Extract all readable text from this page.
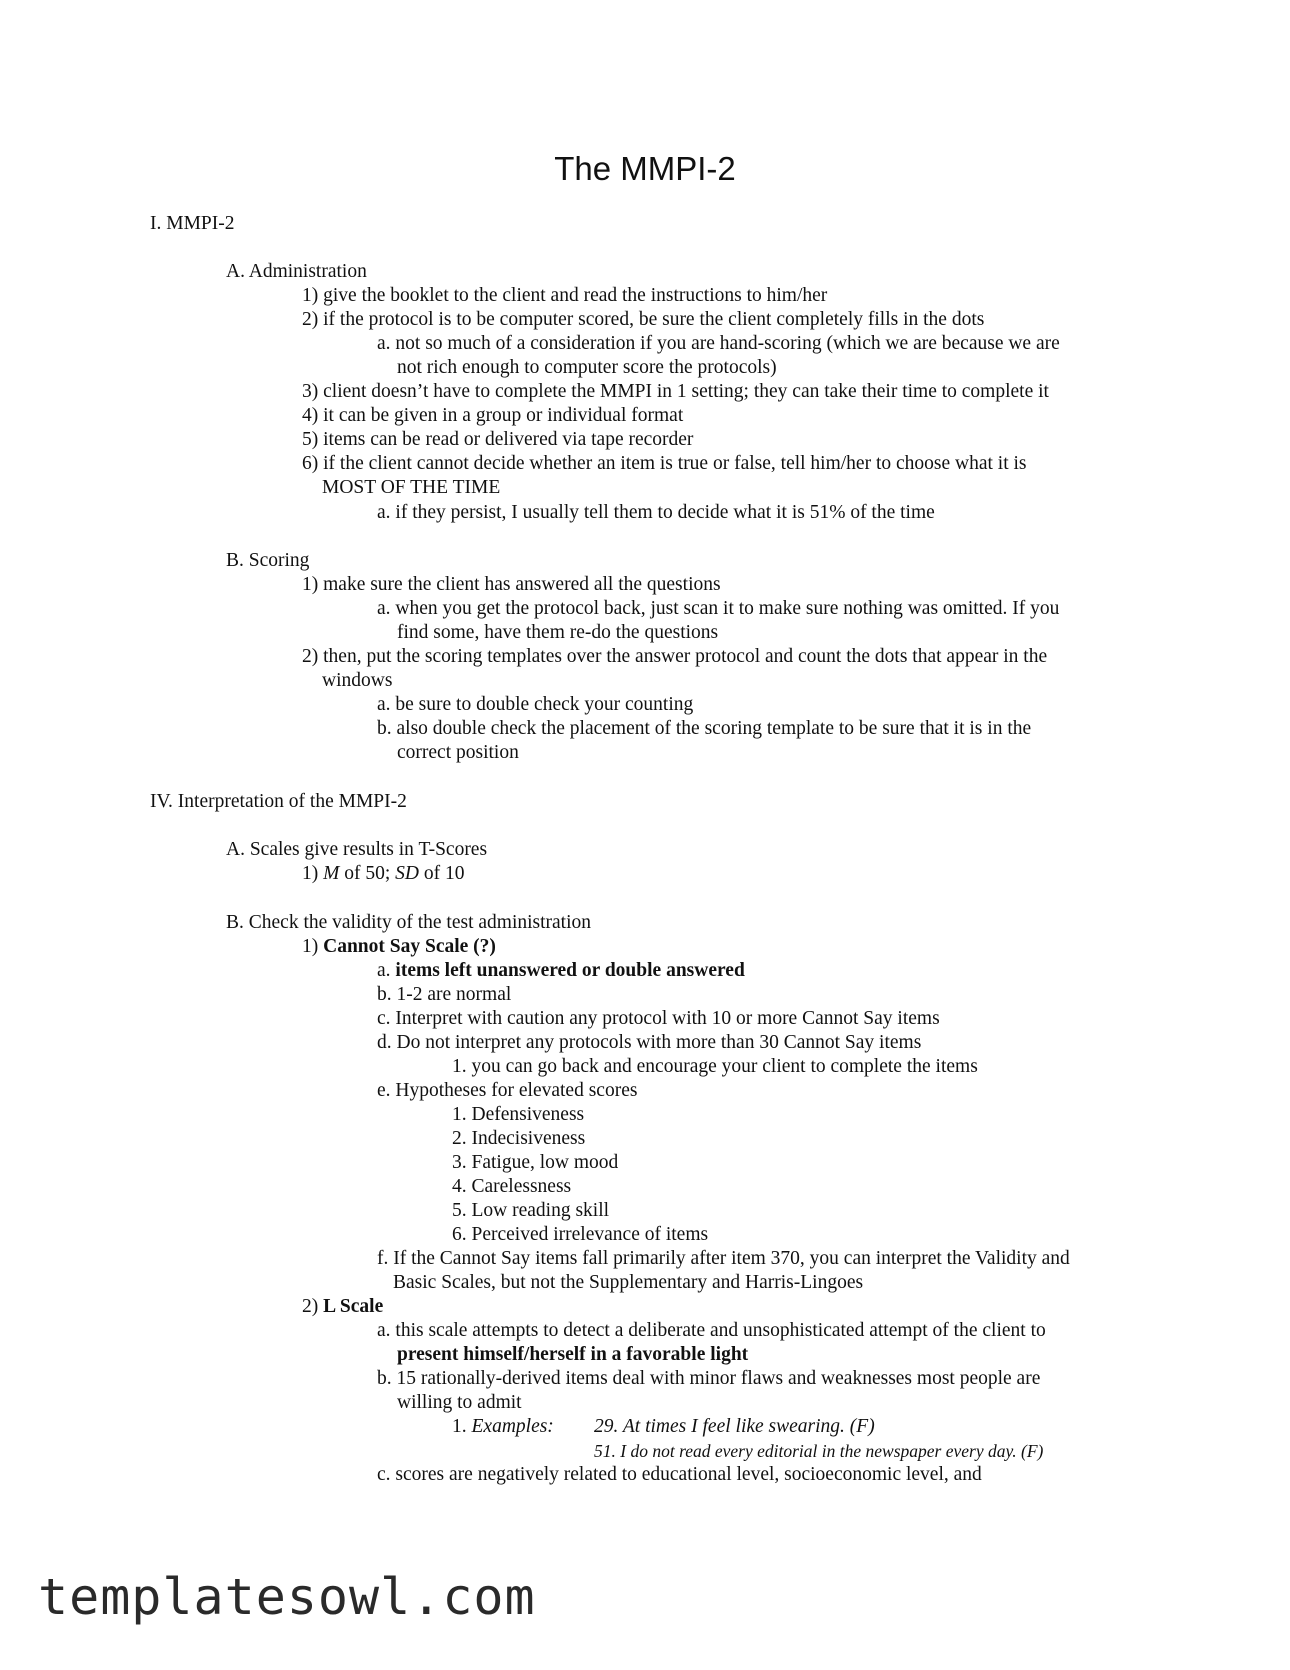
The MMPI-2
I. MMPI-2
A. Administration
1) give the booklet to the client and read the instructions to him/her
2) if the protocol is to be computer scored, be sure the client completely fills in the dots
a. not so much of a consideration if you are hand-scoring (which we are because we are
not rich enough to computer score the protocols)
3) client doesn’t have to complete the MMPI in 1 setting; they can take their time to complete it
4) it can be given in a group or individual format
5) items can be read or delivered via tape recorder
6) if the client cannot decide whether an item is true or false, tell him/her to choose what it is
MOST OF THE TIME
a. if they persist, I usually tell them to decide what it is 51% of the time
B. Scoring
1) make sure the client has answered all the questions
a. when you get the protocol back, just scan it to make sure nothing was omitted. If you
find some, have them re-do the questions
2) then, put the scoring templates over the answer protocol and count the dots that appear in the
windows
a. be sure to double check your counting
b. also double check the placement of the scoring template to be sure that it is in the
correct position
IV. Interpretation of the MMPI-2
A. Scales give results in T-Scores
1) M of 50; SD of 10
B. Check the validity of the test administration
1) Cannot Say Scale (?)
a. items left unanswered or double answered
b. 1-2 are normal
c. Interpret with caution any protocol with 10 or more Cannot Say items
d. Do not interpret any protocols with more than 30 Cannot Say items
1. you can go back and encourage your client to complete the items
e. Hypotheses for elevated scores
1. Defensiveness
2. Indecisiveness
3. Fatigue, low mood
4. Carelessness
5. Low reading skill
6. Perceived irrelevance of items
f. If the Cannot Say items fall primarily after item 370, you can interpret the Validity and
Basic Scales, but not the Supplementary and Harris-Lingoes
2) L Scale
a. this scale attempts to detect a deliberate and unsophisticated attempt of the client to
present himself/herself in a favorable light
b. 15 rationally-derived items deal with minor flaws and weaknesses most people are
willing to admit
1. Examples: 29. At times I feel like swearing. (F)
51. I do not read every editorial in the newspaper every day. (F)
c. scores are negatively related to educational level, socioeconomic level, and
templatesowl.com
